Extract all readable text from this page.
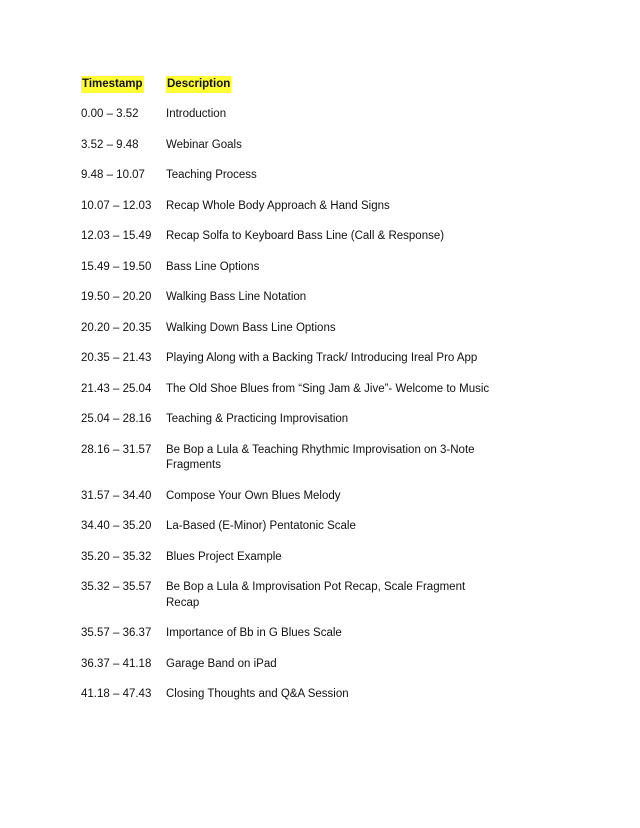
Timestamp	Description
0.00 – 3.52	Introduction
3.52 – 9.48	Webinar Goals
9.48 – 10.07	Teaching Process
10.07 – 12.03	Recap Whole Body Approach & Hand Signs
12.03 – 15.49	Recap Solfa to Keyboard Bass Line (Call & Response)
15.49 – 19.50	Bass Line Options
19.50 – 20.20	Walking Bass Line Notation
20.20 – 20.35	Walking Down Bass Line Options
20.35 – 21.43	Playing Along with a Backing Track/ Introducing Ireal Pro App
21.43 – 25.04	The Old Shoe Blues from “Sing Jam & Jive”- Welcome to Music
25.04 – 28.16	Teaching & Practicing Improvisation
28.16 – 31.57	Be Bop a Lula & Teaching Rhythmic Improvisation on 3-Note Fragments
31.57 – 34.40	Compose Your Own Blues Melody
34.40 – 35.20	La-Based (E-Minor) Pentatonic Scale
35.20 – 35.32	Blues Project Example
35.32 – 35.57	Be Bop a Lula & Improvisation Pot Recap, Scale Fragment Recap
35.57 – 36.37	Importance of Bb in G Blues Scale
36.37 – 41.18	Garage Band on iPad
41.18 – 47.43	Closing Thoughts and Q&A Session
